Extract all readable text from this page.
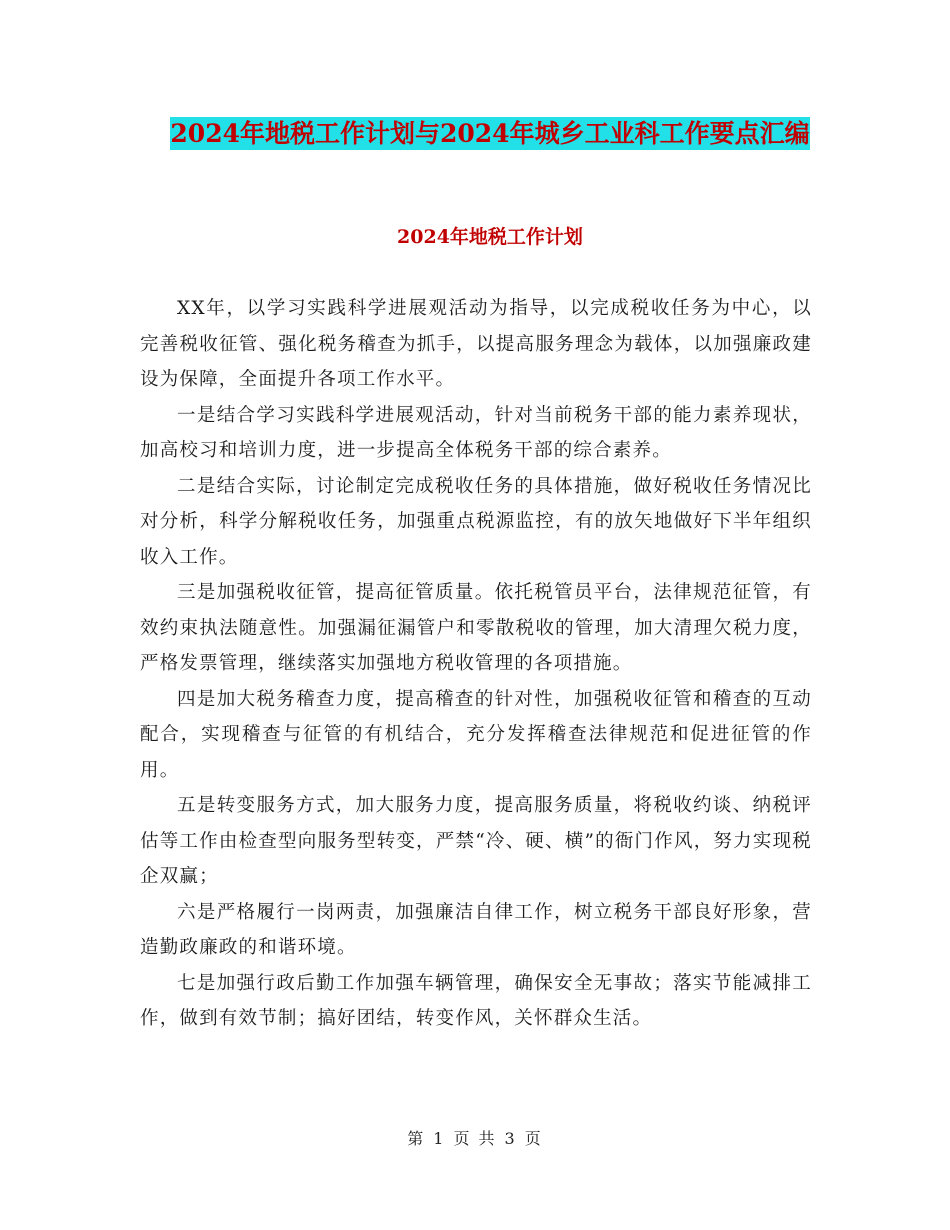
2024年地税工作计划与2024年城乡工业科工作要点汇编
2024年地税工作计划

XX年，以学习实践科学进展观活动为指导，以完成税收任务为中心，以完善税收征管、强化税务稽查为抓手，以提高服务理念为载体，以加强廉政建设为保障，全面提升各项工作水平。

一是结合学习实践科学进展观活动，针对当前税务干部的能力素养现状，加高校习和培训力度，进一步提高全体税务干部的综合素养。

二是结合实际，讨论制定完成税收任务的具体措施，做好税收任务情况比对分析，科学分解税收任务，加强重点税源监控，有的放矢地做好下半年组织收入工作。

三是加强税收征管，提高征管质量。依托税管员平台，法律规范征管，有效约束执法随意性。加强漏征漏管户和零散税收的管理，加大清理欠税力度，严格发票管理，继续落实加强地方税收管理的各项措施。

四是加大税务稽查力度，提高稽查的针对性，加强税收征管和稽查的互动配合，实现稽查与征管的有机结合，充分发挥稽查法律规范和促进征管的作用。

五是转变服务方式，加大服务力度，提高服务质量，将税收约谈、纳税评估等工作由检查型向服务型转变，严禁“冷、硬、横”的衙门作风，努力实现税企双赢；

六是严格履行一岗两责，加强廉洁自律工作，树立税务干部良好形象，营造勤政廉政的和谐环境。

七是加强行政后勤工作加强车辆管理，确保安全无事故；落实节能减排工作，做到有效节制；搞好团结，转变作风，关怀群众生活。

第 1 页 共 3 页
